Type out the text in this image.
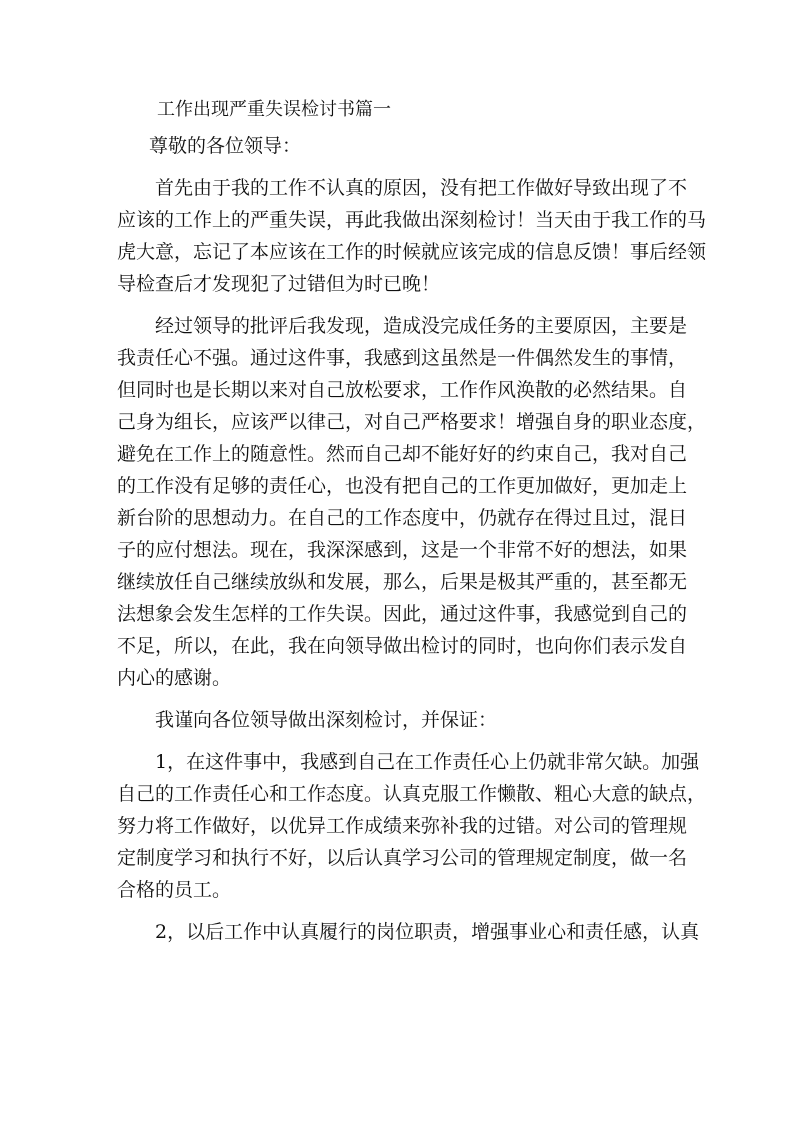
工作出现严重失误检讨书篇一

尊敬的各位领导：

首先由于我的工作不认真的原因，没有把工作做好导致出现了不

应该的工作上的严重失误，再此我做出深刻检讨！当天由于我工作的马

虎大意，忘记了本应该在工作的时候就应该完成的信息反馈！事后经领

导检查后才发现犯了过错但为时已晚！

经过领导的批评后我发现，造成没完成任务的主要原因，主要是

我责任心不强。通过这件事，我感到这虽然是一件偶然发生的事情，

但同时也是长期以来对自己放松要求，工作作风涣散的必然结果。自

己身为组长，应该严以律己，对自己严格要求！增强自身的职业态度，

避免在工作上的随意性。然而自己却不能好好的约束自己，我对自己

的工作没有足够的责任心，也没有把自己的工作更加做好，更加走上

新台阶的思想动力。在自己的工作态度中，仍就存在得过且过，混日

子的应付想法。现在，我深深感到，这是一个非常不好的想法，如果

继续放任自己继续放纵和发展，那么，后果是极其严重的，甚至都无

法想象会发生怎样的工作失误。因此，通过这件事，我感觉到自己的

不足，所以，在此，我在向领导做出检讨的同时，也向你们表示发自

内心的感谢。

我谨向各位领导做出深刻检讨，并保证：

1，在这件事中，我感到自己在工作责任心上仍就非常欠缺。加强

自己的工作责任心和工作态度。认真克服工作懒散、粗心大意的缺点，

努力将工作做好，以优异工作成绩来弥补我的过错。对公司的管理规

定制度学习和执行不好，以后认真学习公司的管理规定制度，做一名

合格的员工。

2，以后工作中认真履行的岗位职责，增强事业心和责任感，认真
